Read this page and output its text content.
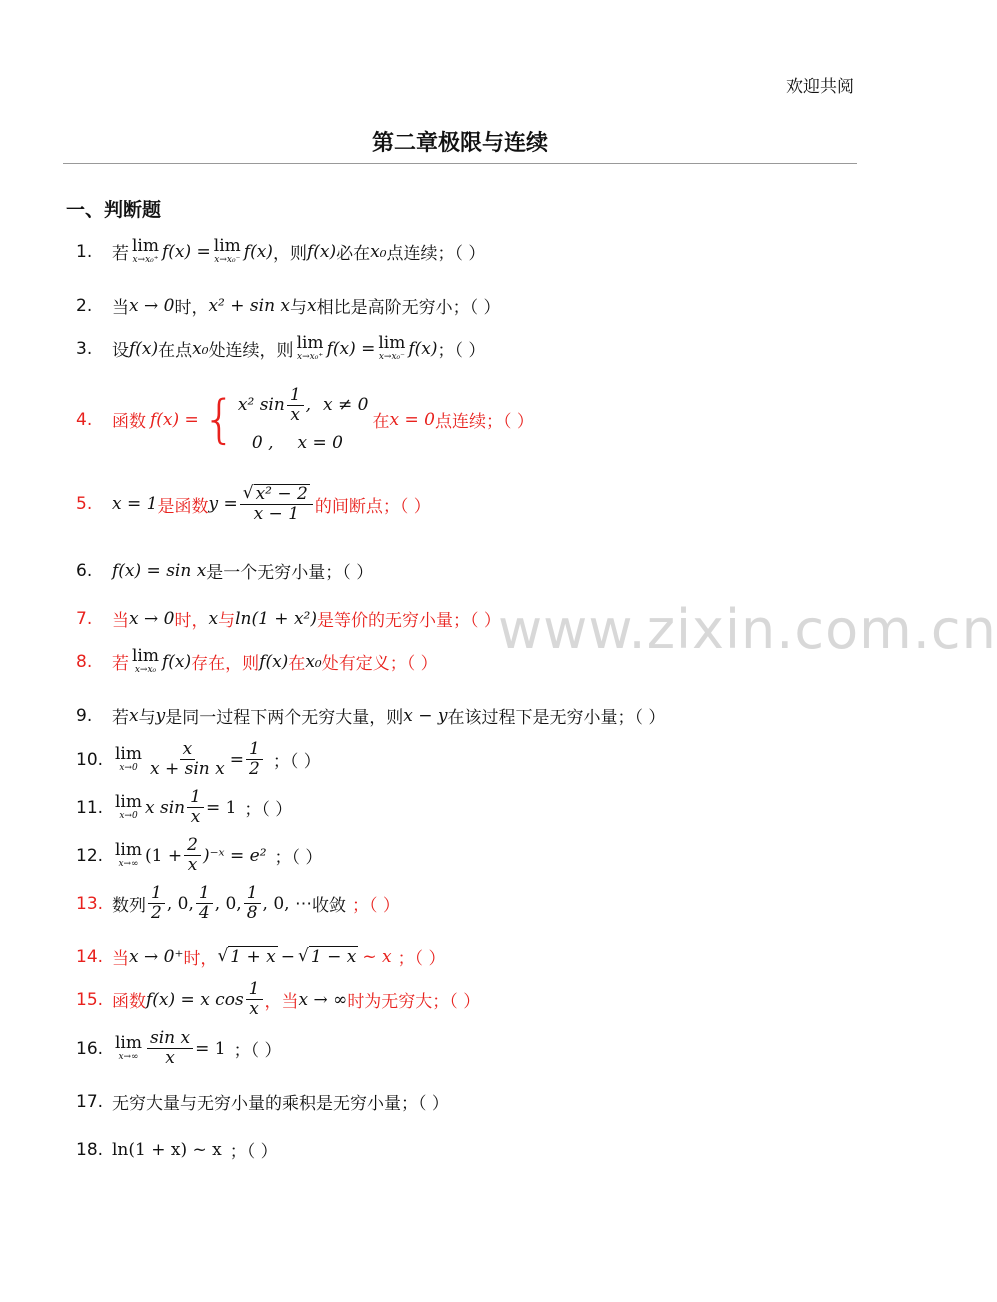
欢迎共阅
第二章极限与连续
一、判断题
1.	若 lim
x→x₀⁺ f(x) = lim
x→x₀⁻ f(x) ，则 f(x) 必在 x₀ 点连续；（ ）
2.	当 x → 0 时， x² + sin x 与 x 相比是高阶无穷小；（ ）
3.	设 f(x) 在点 x₀ 处连续，则 lim
x→x₀⁺ f(x) = lim
x→x₀⁻ f(x) ；（ ）
4.	函数 f(x) = { x² $\sin \frac{1}{x}$ , x ≠ 0
0 , x = 0
在 x = 0 点连续；（ ）
5.	x = 1 是函数 $y = \frac{\text{√ x² − 2}}{x - 1}$ 的间断点；（ ）
6.	f(x) = sin x 是一个无穷小量；（ ）
7.	当 x → 0 时， x 与 ln(1 + x²) 是等价的无穷小量；（ ）
8.	若 lim
x→x₀ f(x) 存在，则 f(x) 在 x₀ 处有定义；（ ）
9.	若 x 与 y 是同一过程下两个无穷大量，则 x − y 在该过程下是无穷小量；（ ）
10. lim
$x\to 0 \frac{x}{\text{x + sin x}} = \frac{1}{2}$ ；（ ）
11. lim
x→0 x $\sin \frac{1}{x} = 1$ ；（ ）
12. lim
x→∞ ($1 + \frac{2}{x}$ )⁻ˣ = e² ；（ ）
13. 数列 $\frac{1}{2}$ , 0, $\frac{1}{4}$ , 0, $\frac{1}{8}$ , 0, ⋯ 收敛 ；（ ）
14. 当 x → 0⁺ 时， √ 1 + x − √ 1 − x ~ x ；（ ）
15. 函数 f(x) = x $\cos \frac{1}{x}$ ，当 x → ∞ 时为无穷大；（ ）
16. lim
$x\to\infty \frac{\text{sin x}}{x} = 1$ ；（ ）
17. 无穷大量与无穷小量的乘积是无穷小量；（ ）
18. ln(1 + x) ~ x ；（ ）
www.zixin.com.cn
